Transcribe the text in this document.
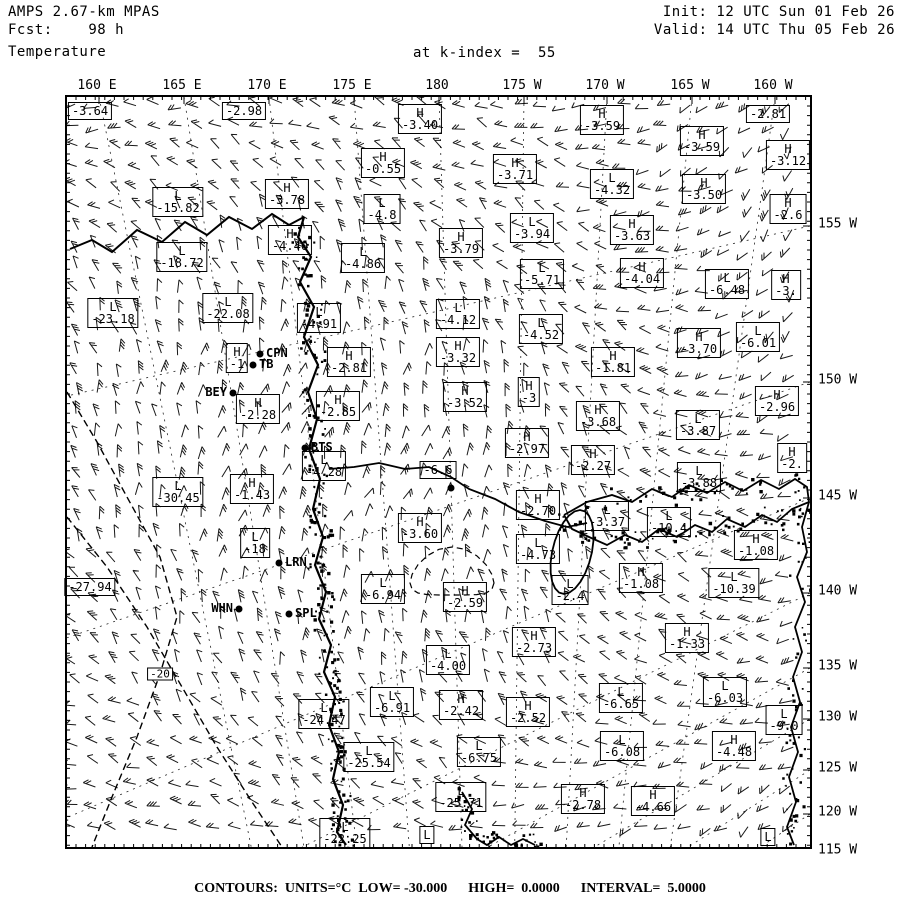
AMPS 2.67-km MPAS
Fcst:    98 h
Temperature
Init: 12 UTC Sun 01 Feb 26
Valid: 14 UTC Thu 05 Feb 26
at k-index =  55
-3.64	-2.98	H
-3.40
H
-3.59
-2.81
H
-3.59	H
-3.12
H
-0.55	H
-3.71
L
-15.82
H
-3.78	L
-4.8
L
-4.32	H
-3.50
H
-2.6
H
-4.40
L
-18.72
L
-4.86
H
-3.79
L
-3.94
H
-3.63
L
-5.71
H
-4.04	L
-6.48
H
-3.
L
-23.18
L
-22.08	L
-4.91
L
-4.12	L
-4.52	H
-3.70
L
-6.01
H
-1
H
-2.81
H
-3.32	H
-1.81
H
-2.85
H
-3.52
H
-3
H
-2.28
H
-2.96
H
-3.68	L
-3.87
H
-2.97	H
-2.27
L
-4.28	-6.6	L
-3.88
H
-2.
L
-30.45
H
-1.43	H
-2.70	L
-3.37	L
-10.4
H
-3.60
L
-18	L
-4.73
H
-1.08
L
-2.4
L
-6.94	H
-2.59
H
-1.08	L
-10.39
-27.94
H
-2.73
H
-1.33
L
-4.00
L
-6.91
H
-2.42	H
-2.52
L
-6.65
L
-6.03
L
-9.0
L
-24.47
L
-25.54
L
-6.75
L
-6.08
H
-4.48
L
-25.71
H
-2.78
H
-4.66
L
-22.25	L	L
-20
CPN
TB
BEY
BTS
LRN
WHN	SPL
160 E	165 E	170 E	175 E	180	175 W	170 W	165 W	160 W
155 W
150 W
145 W
140 W
135 W
130 W
125 W
120 W
115 W
CONTOURS:  UNITS=°C  LOW= -30.000      HIGH=  0.0000      INTERVAL=  5.0000
